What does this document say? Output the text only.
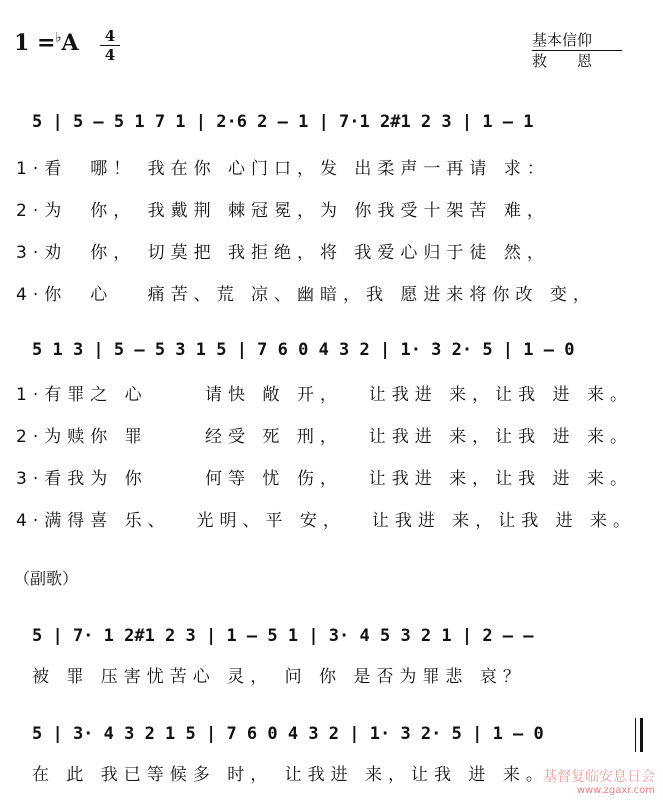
1 =♭A	4
4
基本信仰
救　　恩
5 | 5 — 5 1 7 1 | 2·6 2 — 1 | 7·1 2#1 2 3 | 1 — 1
1·看　哪！ 我在你 心门口，发 出柔声一再请 求：
2·为　你， 我戴荆 棘冠冕，为 你我受十架苦 难，
3·劝　你， 切莫把 我拒绝，将 我爱心归于徒 然，
4·你　心 　痛苦、荒 凉、幽暗，我 愿进来将你改 变，
5 1 3 | 5 — 5 3 1 5 | 7 6 0 4 3 2 | 1· 3 2· 5 | 1 — 0
1·有罪之 心　　 请快 敞 开，　 让我进 来，让我 进 来。
2·为赎你 罪　　 经受 死 刑，　 让我进 来，让我 进 来。
3·看我为 你　　 何等 忧 伤，　 让我进 来，让我 进 来。
4·满得喜 乐、　 光明、平 安，　 让我进 来，让我 进 来。
（副歌）
5 | 7· 1 2#1 2 3 | 1 — 5 1 | 3· 4 5 3 2 1 | 2 — —
被 罪 压害忧苦心 灵， 问 你 是否为罪悲 哀？
5 | 3· 4 3 2 1 5 | 7 6 0 4 3 2 | 1· 3 2· 5 | 1 — 0
在 此 我已等候多 时， 让我进 来，让我 进 来。
基督复临安息日会
www.zgaxr.com
